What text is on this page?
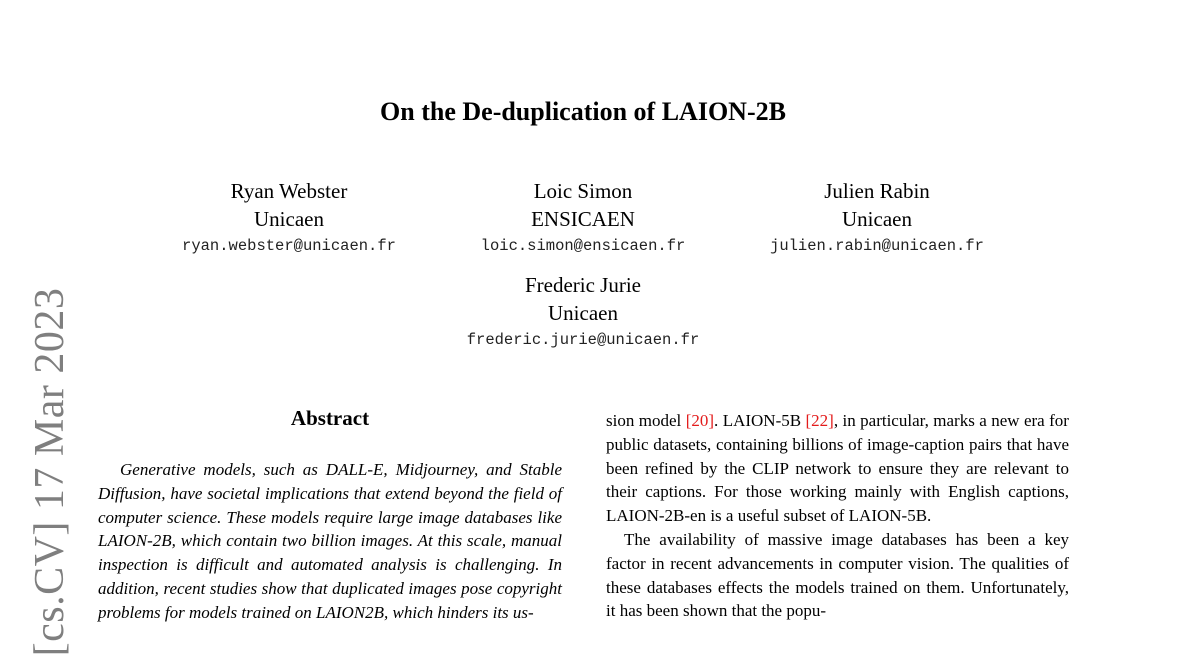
[cs.CV] 17 Mar 2023
On the De-duplication of LAION-2B
Ryan Webster
Unicaen
ryan.webster@unicaen.fr
Loic Simon
ENSICAEN
loic.simon@ensicaen.fr
Julien Rabin
Unicaen
julien.rabin@unicaen.fr
Frederic Jurie
Unicaen
frederic.jurie@unicaen.fr
Abstract

Generative models, such as DALL-E, Midjourney, and Stable Diffusion, have societal implications that extend beyond the field of computer science. These models require large image databases like LAION-2B, which contain two billion images. At this scale, manual inspection is difficult and automated analysis is challenging. In addition, recent studies show that duplicated images pose copyright problems for models trained on LAION2B, which hinders its us-

sion model [20]. LAION-5B [22], in particular, marks a new era for public datasets, containing billions of image-caption pairs that have been refined by the CLIP network to ensure they are relevant to their captions. For those working mainly with English captions, LAION-2B-en is a useful subset of LAION-5B.

The availability of massive image databases has been a key factor in recent advancements in computer vision. The qualities of these databases effects the models trained on them. Unfortunately, it has been shown that the popu-
